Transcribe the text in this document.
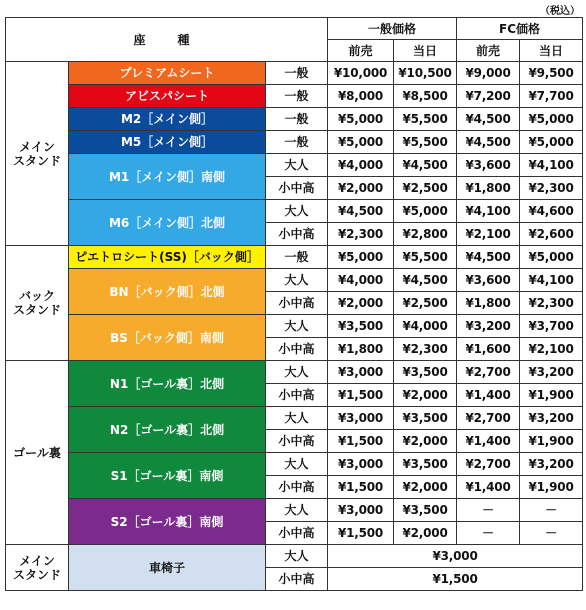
（税込）
座　種			一般価格		FC価格	
			前売	当日	前売	当日
メイン
スタンド	プレミアムシート	一般	¥10,000	¥10,500	¥9,000	¥9,500
	アビスパシート	一般	¥8,000	¥8,500	¥7,200	¥7,700
	M2［メイン側］	一般	¥5,000	¥5,500	¥4,500	¥5,000
	M5［メイン側］	一般	¥5,000	¥5,500	¥4,500	¥5,000
	M1［メイン側］南側	大人	¥4,000	¥4,500	¥3,600	¥4,100
		小中高	¥2,000	¥2,500	¥1,800	¥2,300
	M6［メイン側］北側	大人	¥4,500	¥5,000	¥4,100	¥4,600
		小中高	¥2,300	¥2,800	¥2,100	¥2,600
バック
スタンド	ピエトロシート(SS)［バック側］	一般	¥5,000	¥5,500	¥4,500	¥5,000
	BN［バック側］北側	大人	¥4,000	¥4,500	¥3,600	¥4,100
		小中高	¥2,000	¥2,500	¥1,800	¥2,300
	BS［バック側］南側	大人	¥3,500	¥4,000	¥3,200	¥3,700
		小中高	¥1,800	¥2,300	¥1,600	¥2,100
ゴール裏	N1［ゴール裏］北側	大人	¥3,000	¥3,500	¥2,700	¥3,200
		小中高	¥1,500	¥2,000	¥1,400	¥1,900
	N2［ゴール裏］北側	大人	¥3,000	¥3,500	¥2,700	¥3,200
		小中高	¥1,500	¥2,000	¥1,400	¥1,900
	S1［ゴール裏］南側	大人	¥3,000	¥3,500	¥2,700	¥3,200
		小中高	¥1,500	¥2,000	¥1,400	¥1,900
	S2［ゴール裏］南側	大人	¥3,000	¥3,500	－	－
		小中高	¥1,500	¥2,000	－	－
メイン
スタンド	車椅子	大人	¥3,000			
		小中高	¥1,500			
